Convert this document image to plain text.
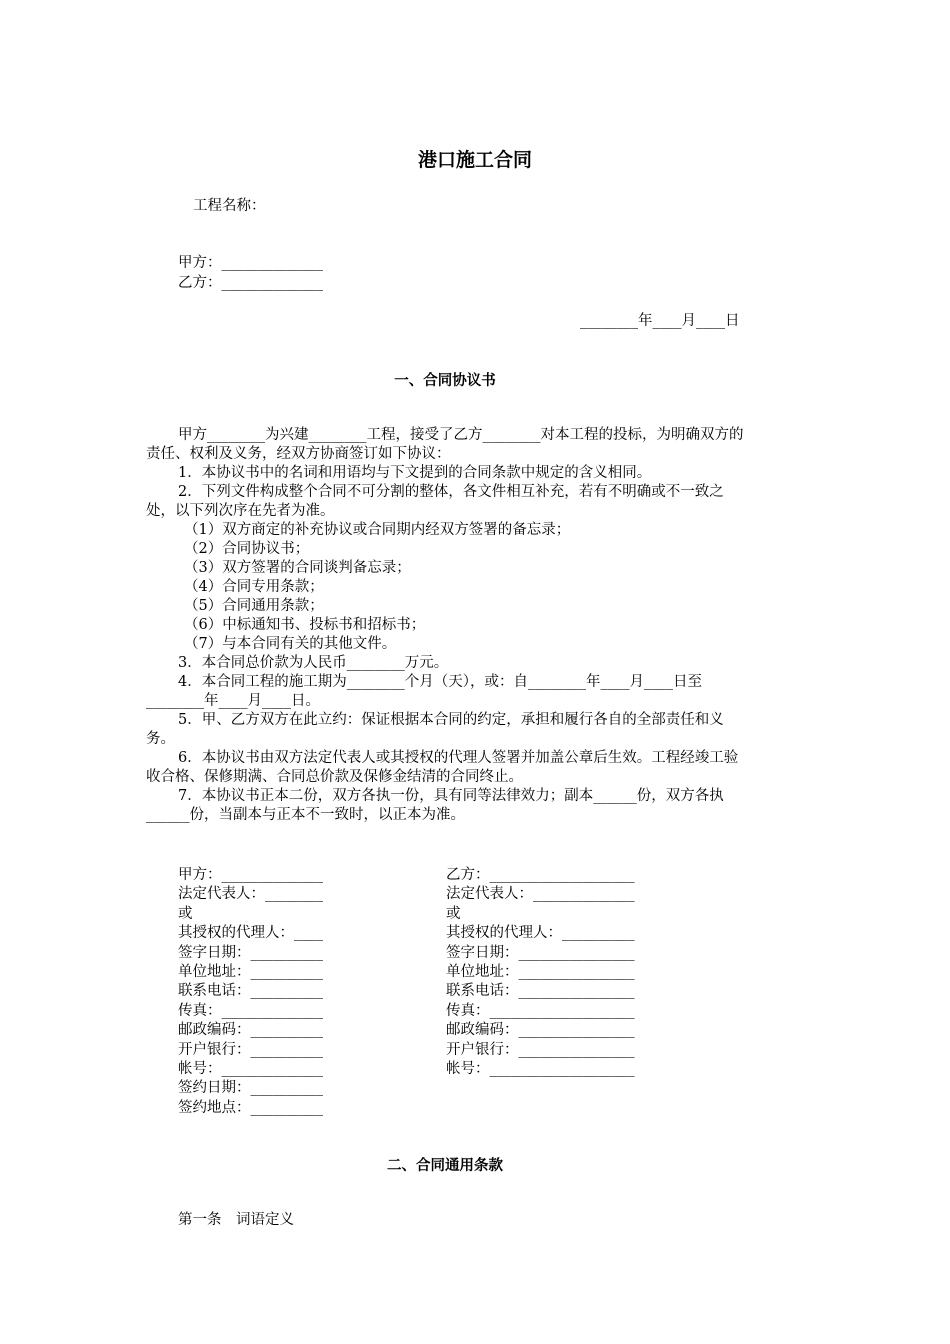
港口施工合同
工程名称：
甲方：______________
乙方：______________
________年____月____日
一、合同协议书

甲方________为兴建________工程，接受了乙方________对本工程的投标，为明确双方的责任、权利及义务，经双方协商签订如下协议：

1．本协议书中的名词和用语均与下文提到的合同条款中规定的含义相同。

2．下列文件构成整个合同不可分割的整体，各文件相互补充，若有不明确或不一致之处，以下列次序在先者为准。

（1）双方商定的补充协议或合同期内经双方签署的备忘录；

（2）合同协议书；

（3）双方签署的合同谈判备忘录；

（4）合同专用条款；

（5）合同通用条款；

（6）中标通知书、投标书和招标书；

（7）与本合同有关的其他文件。

3．本合同总价款为人民币________万元。

4．本合同工程的施工期为________个月（天），或：自________年____月____日至________年____月____日。

5．甲、乙方双方在此立约：保证根据本合同的约定，承担和履行各自的全部责任和义务。

6．本协议书由双方法定代表人或其授权的代理人签署并加盖公章后生效。工程经竣工验收合格、保修期满、合同总价款及保修金结清的合同终止。

7．本协议书正本二份，双方各执一份，具有同等法律效力；副本______份，双方各执______份，当副本与正本不一致时，以正本为准。

甲方：______________
法定代表人：________
或
其授权的代理人：____
签字日期：__________
单位地址：__________
联系电话：__________
传真：______________
邮政编码：__________
开户银行：__________
帐号：______________
签约日期：__________
签约地点：__________
乙方：____________________
法定代表人：______________
或
其授权的代理人：__________
签字日期：________________
单位地址：________________
联系电话：________________
传真：____________________
邮政编码：________________
开户银行：________________
帐号：____________________
二、合同通用条款
第一条　词语定义
